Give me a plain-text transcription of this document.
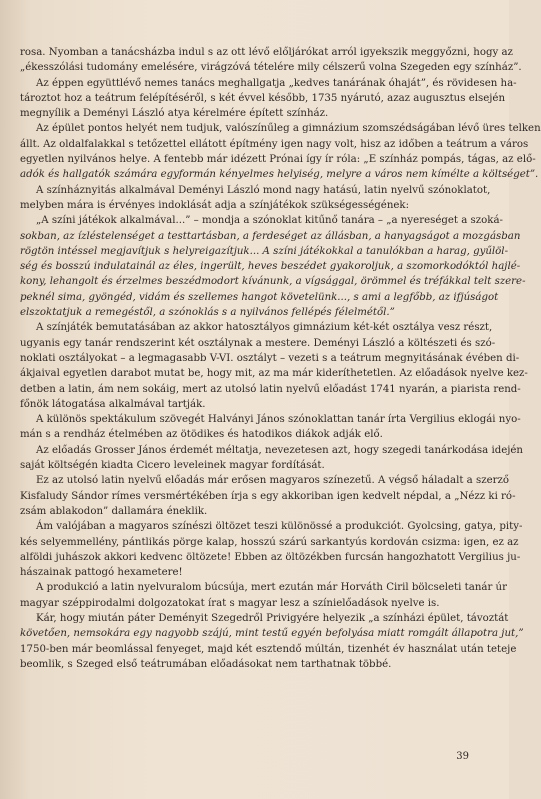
rosa. Nyomban a tanácsházba indul s az ott lévő előljárókat arról igyekszik meggyőzni, hogy az
„ékesszólási tudomány emelésére, virágzóvá tételére mily célszerű volna Szegeden egy színház”.
Az éppen együttlévő nemes tanács meghallgatja „kedves tanárának óhaját”, és rövidesen ha-
tároztot hoz a teátrum felépítéséről, s két évvel később, 1735 nyárutó, azaz augusztus elsején
megnyílik a Deményi László atya kérelmére épített színház.
Az épület pontos helyét nem tudjuk, valószínűleg a gimnázium szomszédságában lévő üres telken
állt. Az oldalfalakkal s tetőzettel ellátott építmény igen nagy volt, hisz az időben a teátrum a város
egyetlen nyilvános helye. A fentebb már idézett Prónai így ír róla: „E színház pompás, tágas, az elő-
adók és hallgatók számára egyformán kényelmes helyiség, melyre a város nem kímélte a költséget”.
A színháznyitás alkalmával Deményi László mond nagy hatású, latin nyelvű szónoklatot,
melyben mára is érvényes indoklását adja a színjátékok szükségességének:
„A színi játékok alkalmával...” – mondja a szónoklat kitűnő tanára – „a nyereséget a szoká-
sokban, az ízléstelenséget a testtartásban, a ferdeséget az állásban, a hanyagságot a mozgásban
rögtön intéssel megjavítjuk s helyreigazítjuk... A színi játékokkal a tanulókban a harag, gyűlöl-
ség és bosszú indulatainál az éles, ingerült, heves beszédet gyakoroljuk, a szomorkodóktól hajlé-
kony, lehangolt és érzelmes beszédmodort kívánunk, a vígsággal, örömmel és tréfákkal telt szere-
peknél sima, gyöngéd, vidám és szellemes hangot követelünk..., s ami a legfőbb, az ifjúságot
elszoktatjuk a remegéstől, a szónoklás s a nyilvános fellépés félelmétől.”
A színjáték bemutatásában az akkor hatosztályos gimnázium két-két osztálya vesz részt,
ugyanis egy tanár rendszerint két osztálynak a mestere. Deményi László a költészeti és szó-
noklati osztályokat – a legmagasabb V-VI. osztályt – vezeti s a teátrum megnyitásának évében di-
ákjaival egyetlen darabot mutat be, hogy mit, az ma már kideríthetetlen. Az előadások nyelve kez-
detben a latin, ám nem sokáig, mert az utolsó latin nyelvű előadást 1741 nyarán, a piarista rend-
főnök látogatása alkalmával tartják.
A különös spektákulum szövegét Halványi János szónoklattan tanár írta Vergilius eklogái nyo-
mán s a rendház ételmében az ötödikes és hatodikos diákok adják elő.
Az előadás Grosser János érdemét méltatja, nevezetesen azt, hogy szegedi tanárkodása idején
saját költségén kiadta Cicero leveleinek magyar fordítását.
Ez az utolsó latin nyelvű előadás már erősen magyaros színezetű. A végső háladalt a szerző
Kisfaludy Sándor rímes versmértékében írja s egy akkoriban igen kedvelt népdal, a „Nézz ki ró-
zsám ablakodon” dallamára éneklik.
Ám valójában a magyaros színészi öltözet teszi különössé a produkciót. Gyolcsing, gatya, pity-
kés selyemmellény, pántlikás pörge kalap, hosszú szárú sarkantyús kordován csizma: igen, ez az
alföldi juhászok akkori kedvenc öltözete! Ebben az öltözékben furcsán hangozhatott Vergilius ju-
hászainak pattogó hexametere!
A produkció a latin nyelvuralom búcsúja, mert ezután már Horváth Ciril bölcseleti tanár úr
magyar széppirodalmi dolgozatokat írat s magyar lesz a színielőadások nyelve is.
Kár, hogy miután páter Deményit Szegedről Privigyére helyezik „a színházi épület, távoztát
követően, nemsokára egy nagyobb szájú, mint testű egyén befolyása miatt romgált állapotra jut,”
1750-ben már beomlással fenyeget, majd két esztendő múltán, tizenhét év használat után teteje
beomlik, s Szeged első teátrumában előadásokat nem tarthatnak többé.
39
